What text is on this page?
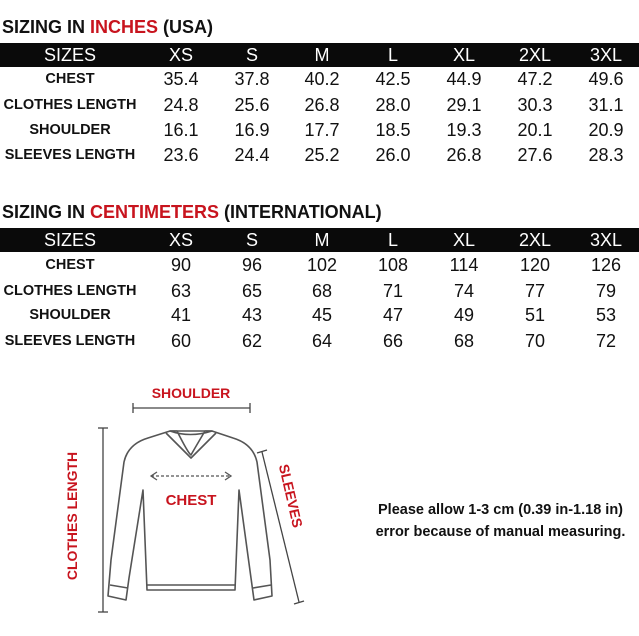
SIZING IN INCHES (USA)
SIZES	XS	S	M	L	XL	2XL	3XL
CHEST	35.4	37.8	40.2	42.5	44.9	47.2	49.6
CLOTHES LENGTH	24.8	25.6	26.8	28.0	29.1	30.3	31.1
SHOULDER	16.1	16.9	17.7	18.5	19.3	20.1	20.9
SLEEVES LENGTH	23.6	24.4	25.2	26.0	26.8	27.6	28.3
SIZING IN CENTIMETERS (INTERNATIONAL)
SIZES	XS	S	M	L	XL	2XL	3XL
CHEST	90	96	102	108	114	120	126
CLOTHES LENGTH	63	65	68	71	74	77	79
SHOULDER	41	43	45	47	49	51	53
SLEEVES LENGTH	60	62	64	66	68	70	72
SHOULDER
CHEST
CLOTHES LENGTH	SLEEVES	Please allow 1-3 cm (0.39 in-1.18 in)
error because of manual measuring.
